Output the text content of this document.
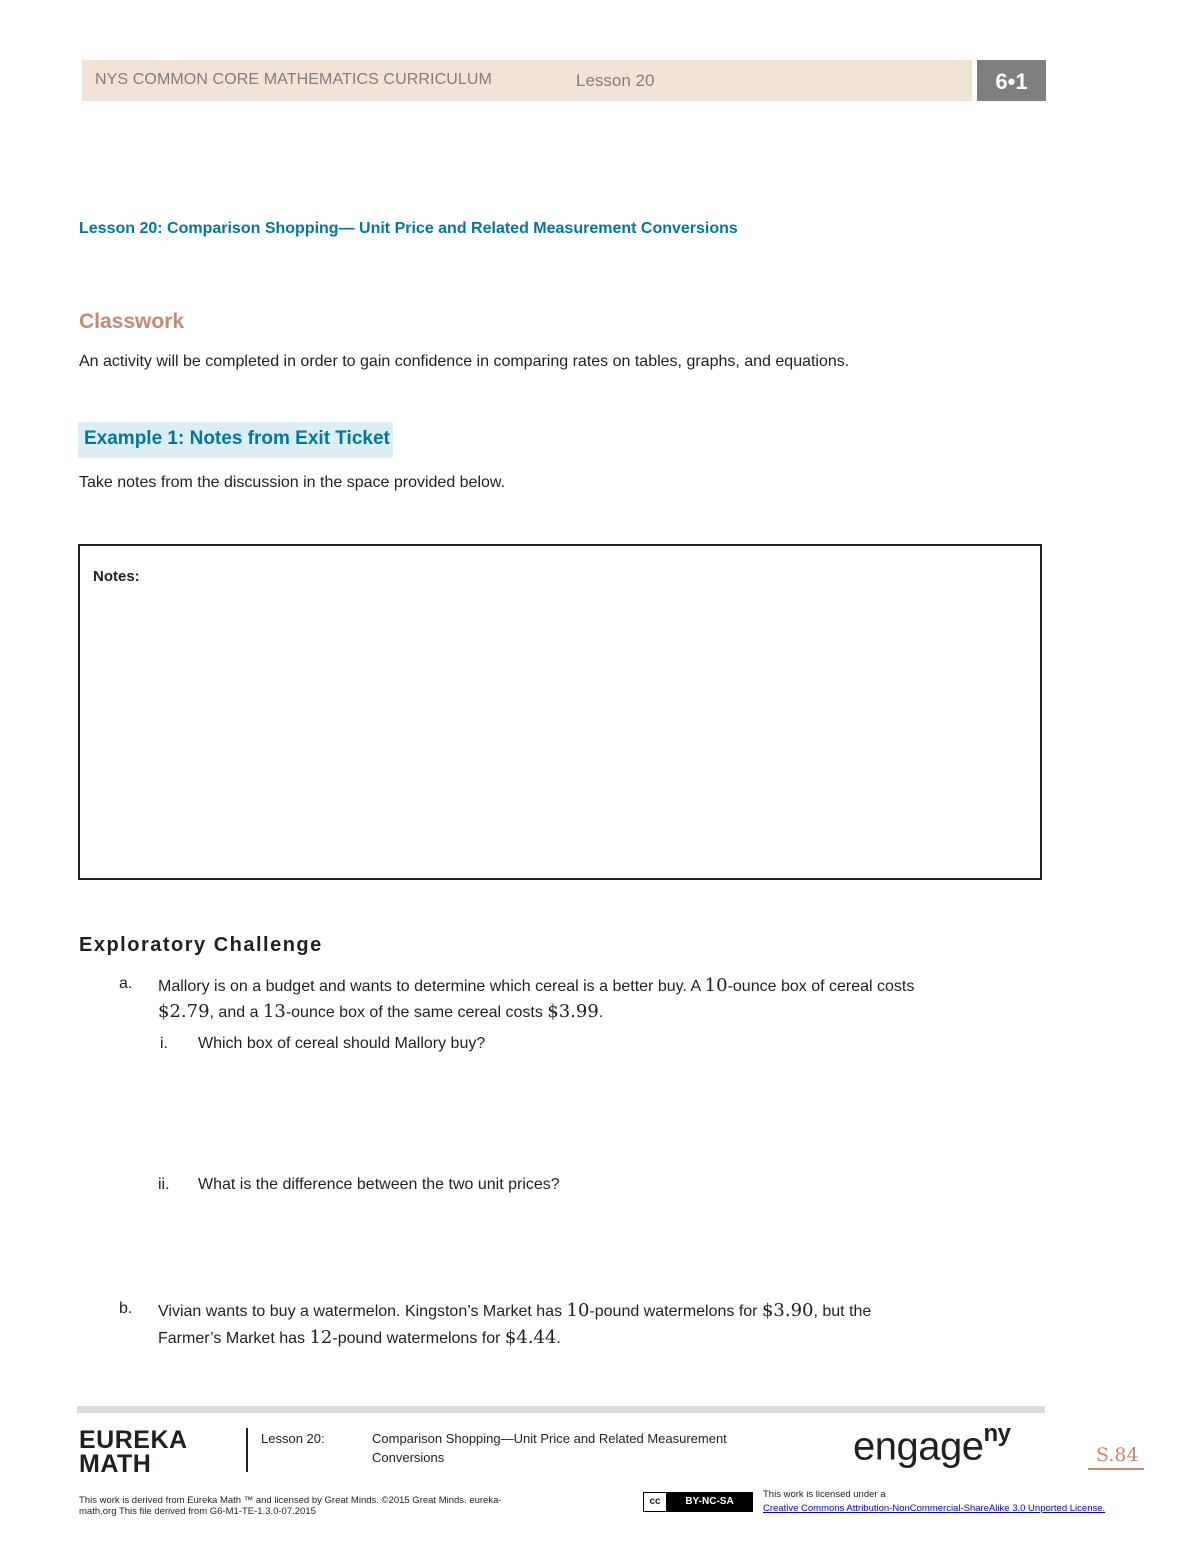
NYS COMMON CORE MATHEMATICS CURRICULUM	Lesson 20	6•1
Lesson 20: Comparison Shopping— Unit Price and Related Measurement Conversions
Classwork
An activity will be completed in order to gain confidence in comparing rates on tables, graphs, and equations.
Example 1: Notes from Exit Ticket
Take notes from the discussion in the space provided below.
Notes:
Exploratory Challenge
a. Mallory is on a budget and wants to determine which cereal is a better buy. A 10-ounce box of cereal costs
$2.79, and a 13-ounce box of the same cereal costs $3.99.
i. Which box of cereal should Mallory buy?
ii. What is the difference between the two unit prices?
b. Vivian wants to buy a watermelon. Kingston’s Market has 10-pound watermelons for $3.90, but the
Farmer’s Market has 12-pound watermelons for $4.44.
EUREKA
MATH
Lesson 20:	Comparison Shopping—Unit Price and Related Measurement
Conversions	engage$^{ny}$
S.84
This work is derived from Eureka Math ™ and licensed by Great Minds. ©2015 Great Minds. eureka-
math.org This file derived from G6-M1-TE-1.3.0-07.2015
cc	BY-NC-SA
This work is licensed under a
Creative Commons Attribution-NonCommercial-ShareAlike 3.0 Unported License.
